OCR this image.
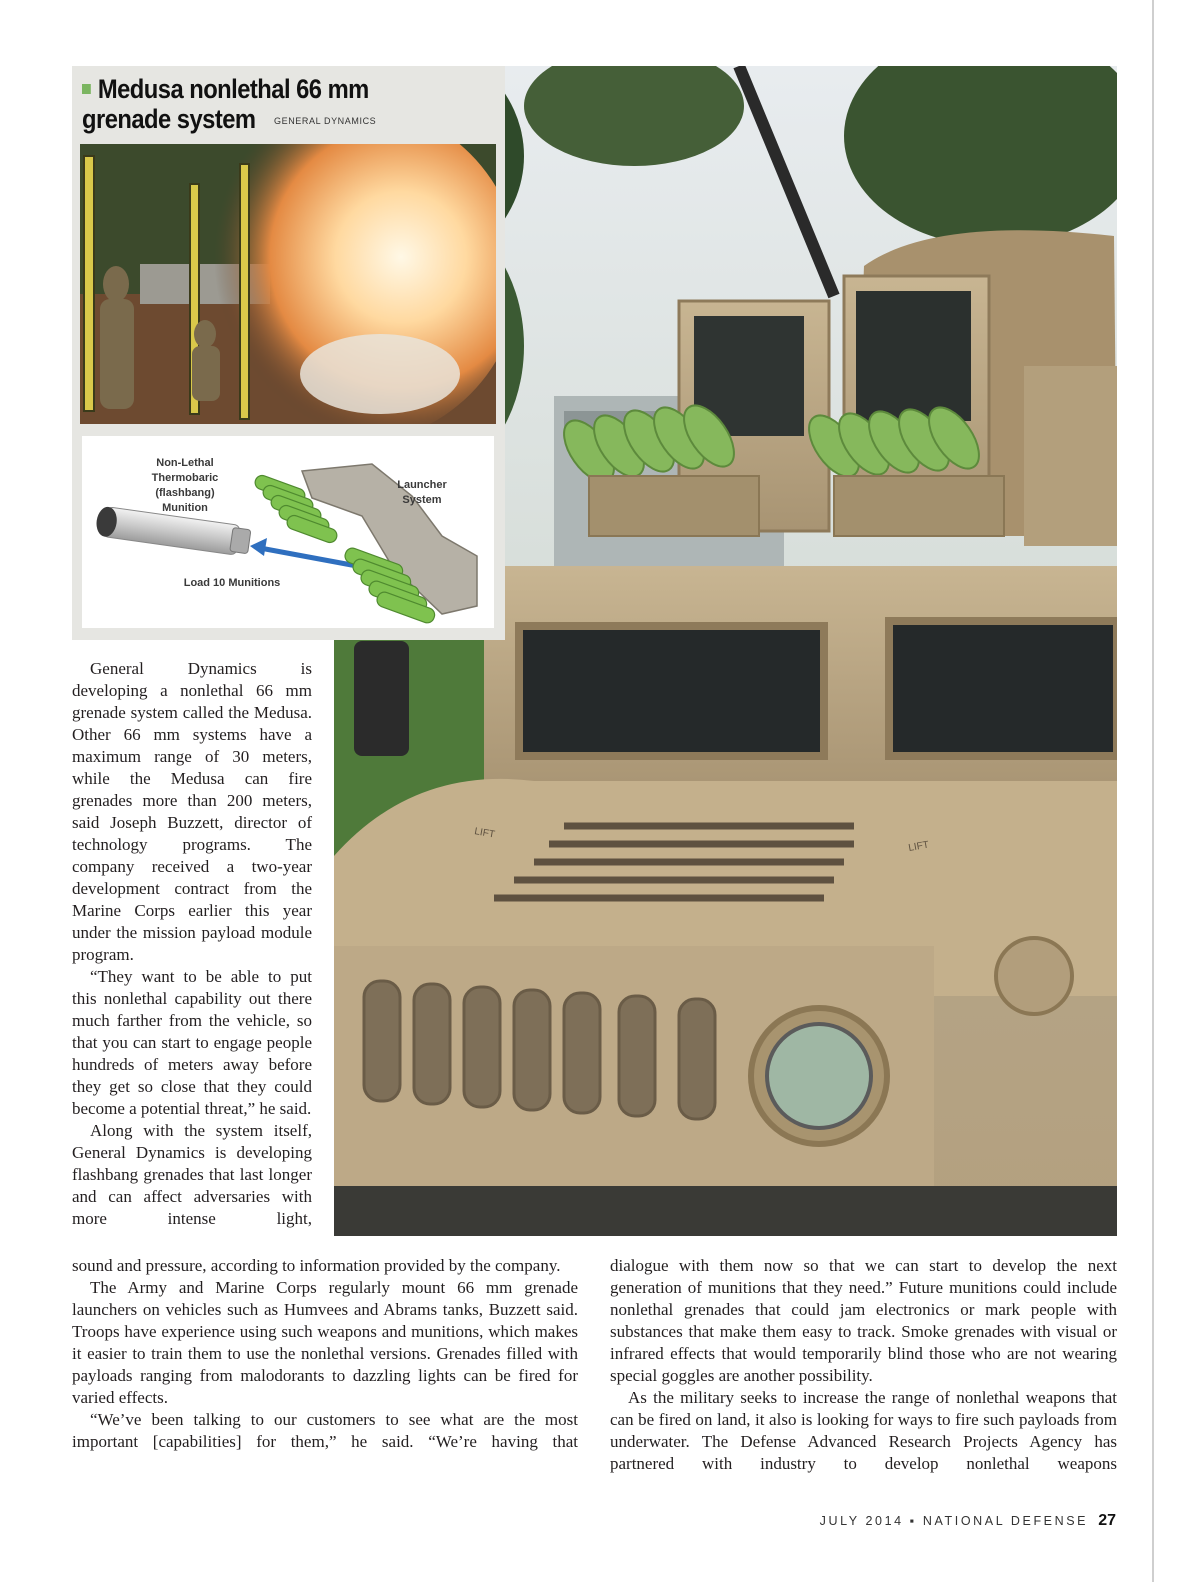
LIFT
LIFT
Medusa nonlethal 66 mm
grenade system	GENERAL DYNAMICS
Non-Lethal
Thermobaric
(flashbang)
Munition
Launcher
System
Load 10 Munitions

General Dynamics is developing a nonlethal 66 mm grenade system called the Medusa. Other 66 mm systems have a maximum range of 30 meters, while the Medusa can fire grenades more than 200 meters, said Joseph Buzzett, director of technology programs. The company received a two-year development contract from the Marine Corps earlier this year under the mission payload module program.

“They want to be able to put this nonlethal capability out there much farther from the vehicle, so that you can start to engage people hundreds of meters away before they get so close that they could become a potential threat,” he said.

Along with the system itself, General Dynamics is developing flashbang grenades that last longer and can affect adversaries with more intense light,

sound and pressure, according to information provided by the company.

The Army and Marine Corps regularly mount 66 mm grenade launchers on vehicles such as Humvees and Abrams tanks, Buzzett said. Troops have experience using such weapons and munitions, which makes it easier to train them to use the nonlethal versions. Grenades filled with payloads ranging from malodorants to dazzling lights can be fired for varied effects.

“We’ve been talking to our customers to see what are the most important [capabilities] for them,” he said. “We’re having that

dialogue with them now so that we can start to develop the next generation of munitions that they need.” Future munitions could include nonlethal grenades that could jam electronics or mark people with substances that make them easy to track. Smoke grenades with visual or infrared effects that would temporarily blind those who are not wearing special goggles are another possibility.

As the military seeks to increase the range of nonlethal weapons that can be fired on land, it also is looking for ways to fire such payloads from underwater. The Defense Advanced Research Projects Agency has partnered with industry to develop nonlethal weapons

JULY 2014 ▪ NATIONAL DEFENSE 27
